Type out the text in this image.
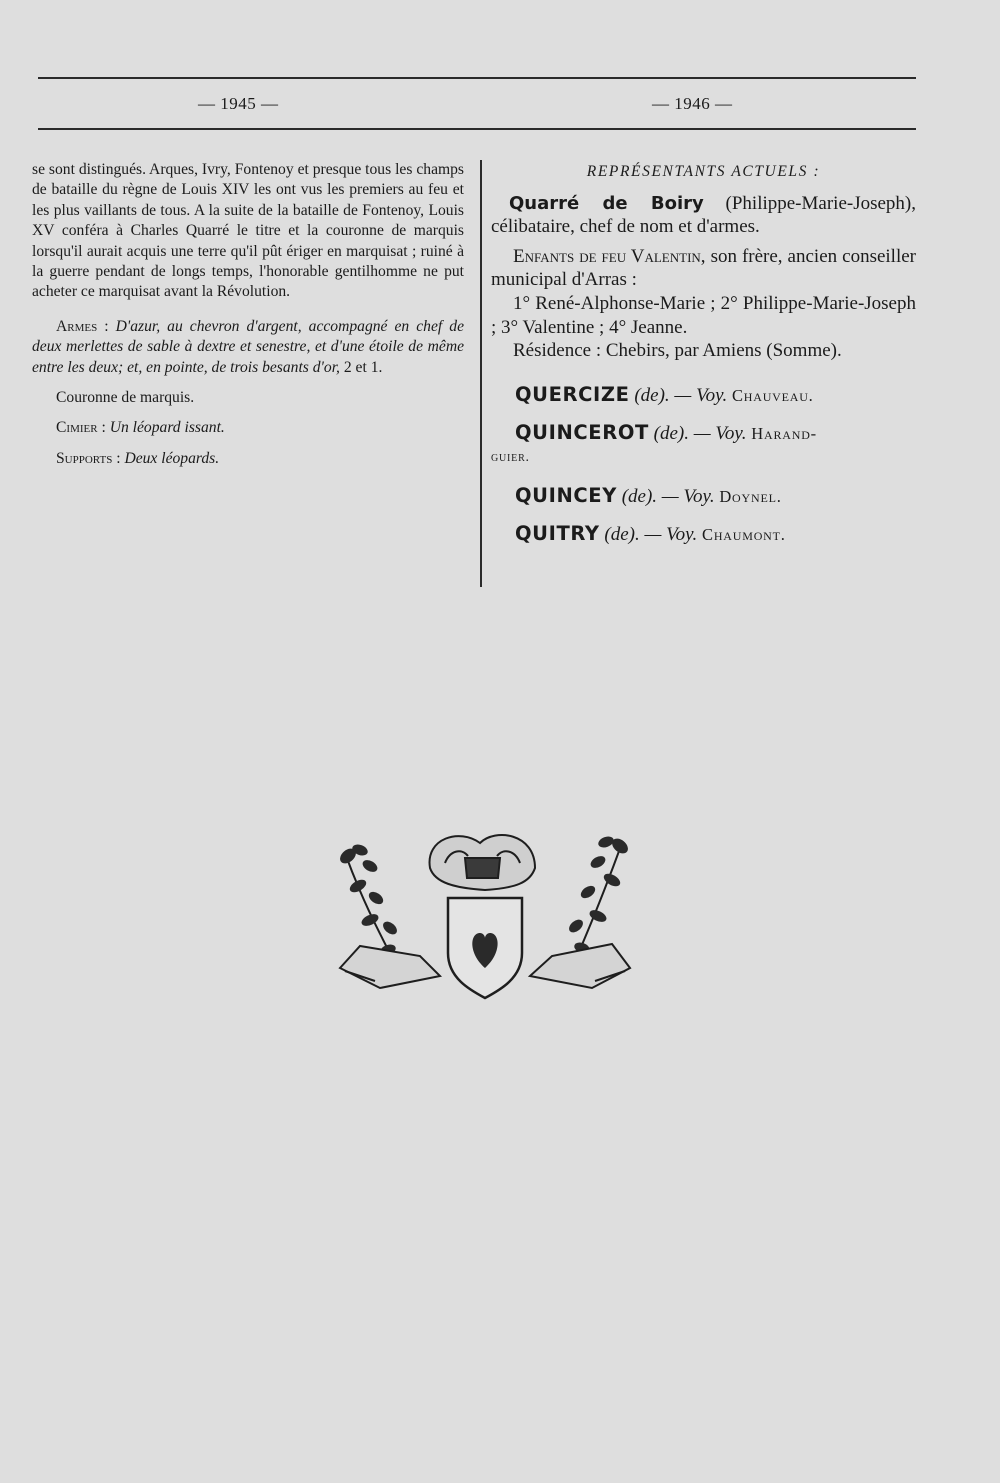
— 1945 —	— 1946 —

se sont distingués. Arques, Ivry, Fontenoy et presque tous les champs de bataille du règne de Louis XIV les ont vus les premiers au feu et les plus vaillants de tous. A la suite de la bataille de Fontenoy, Louis XV conféra à Charles Quarré le titre et la couronne de marquis lorsqu'il aurait acquis une terre qu'il pût ériger en marquisat ; ruiné à la guerre pendant de longs temps, l'honorable gentilhomme ne put acheter ce marquisat avant la Révolution.

Armes : D'azur, au chevron d'argent, accompagné en chef de deux merlettes de sable à dextre et senestre, et d'une étoile de même entre les deux; et, en pointe, de trois besants d'or, 2 et 1.

Couronne de marquis.

Cimier : Un léopard issant.

Supports : Deux léopards.

REPRÉSENTANTS ACTUELS :

Quarré de Boiry (Philippe-Marie-Joseph), célibataire, chef de nom et d'armes.

Enfants de feu Valentin, son frère, ancien conseiller municipal d'Arras :

1° René-Alphonse-Marie ; 2° Philippe-Marie-Joseph ; 3° Valentine ; 4° Jeanne.

Résidence : Chebirs, par Amiens (Somme).

QUERCIZE (de). — Voy. Chauveau.

QUINCEROT (de). — Voy. Harand-

guier.

QUINCEY (de). — Voy. Doynel.

QUITRY (de). — Voy. Chaumont.
